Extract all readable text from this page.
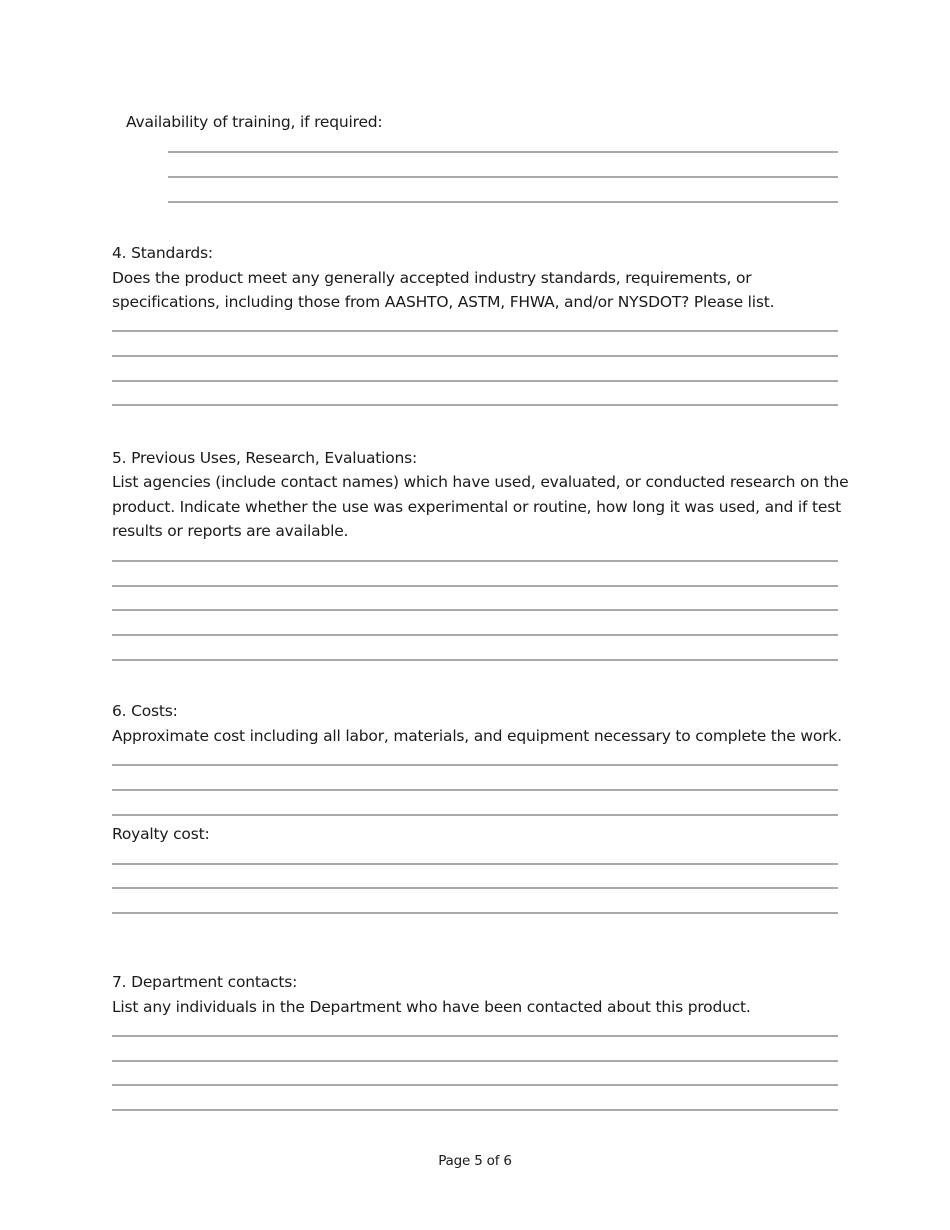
Availability of training, if required:
4. Standards:
Does the product meet any generally accepted industry standards, requirements, or
specifications, including those from AASHTO, ASTM, FHWA, and/or NYSDOT? Please list.
5. Previous Uses, Research, Evaluations:
List agencies (include contact names) which have used, evaluated, or conducted research on the
product. Indicate whether the use was experimental or routine, how long it was used, and if test
results or reports are available.
6. Costs:
Approximate cost including all labor, materials, and equipment necessary to complete the work.
Royalty cost:
7. Department contacts:
List any individuals in the Department who have been contacted about this product.
Page 5 of 6
